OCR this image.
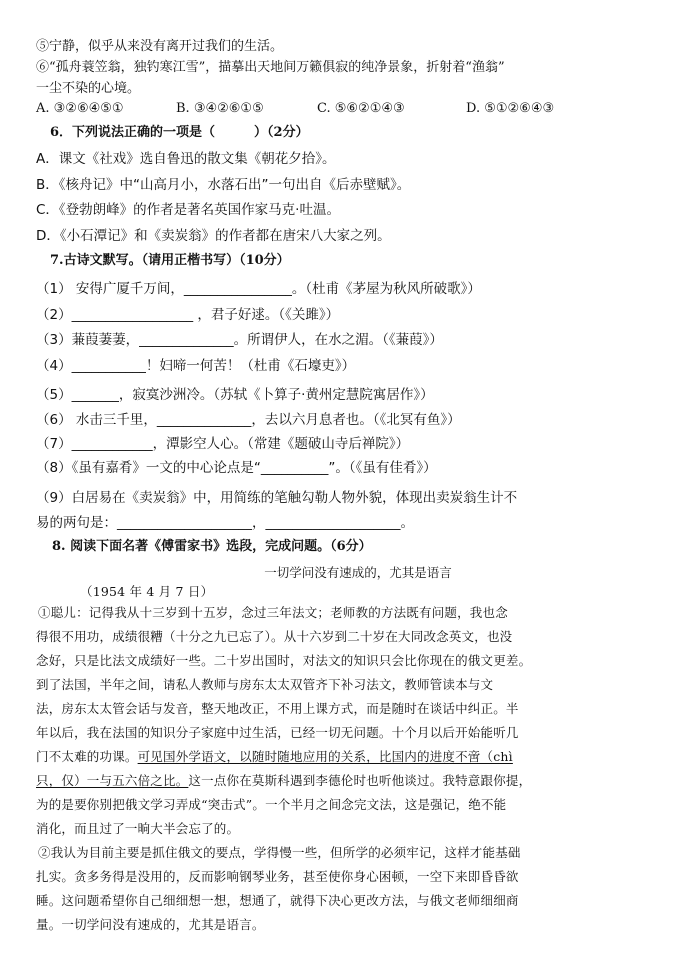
⑤宁静，似乎从来没有离开过我们的生活。
⑥“孤舟蓑笠翁，独钓寒江雪”，描摹出天地间万籁俱寂的纯净景象，折射着“渔翁”
一尘不染的心境。
A. ③②⑥④⑤①	B. ③④②⑥①⑤	C. ⑤⑥②①④③	D. ⑤①②⑥④③
6．下列说法正确的一项是（　　　）（2分）
A．课文《社戏》选自鲁迅的散文集《朝花夕拾》。
B．《核舟记》中“山高月小，水落石出”一句出自《后赤壁赋》。
C．《登勃朗峰》的作者是著名英国作家马克·吐温。
D．《小石潭记》和《卖炭翁》的作者都在唐宋八大家之列。
7.古诗文默写。（请用正楷书写）（10分）
（1） 安得广厦千万间，________________。（杜甫《茅屋为秋风所破歌》）
（2）__________________ ，君子好逑。（《关雎》）
（3）蒹葭萋萋，______________。所谓伊人，在水之湄。（《蒹葭》）
（4）___________！妇啼一何苦！（杜甫《石壕吏》）
（5）_______，寂寞沙洲冷。（苏轼《卜算子·黄州定慧院寓居作》）
（6） 水击三千里，______________，去以六月息者也。（《北冥有鱼》）
（7）____________，潭影空人心。（常建《题破山寺后禅院》）
（8）《虽有嘉肴》一文的中心论点是“__________”。（《虽有佳肴》）
（9）白居易在《卖炭翁》中，用简练的笔触勾勒人物外貌，体现出卖炭翁生计不
易的两句是：____________________，____________________。
8. 阅读下面名著《傅雷家书》选段，完成问题。（6分）
一切学问没有速成的，尤其是语言
（1954 年 4 月 7 日）
①聪儿：记得我从十三岁到十五岁，念过三年法文；老师教的方法既有问题，我也念
得很不用功，成绩很糟（十分之九已忘了）。从十六岁到二十岁在大同改念英文，也没
念好，只是比法文成绩好一些。二十岁出国时，对法文的知识只会比你现在的俄文更差。
到了法国，半年之间，请私人教师与房东太太双管齐下补习法文，教师管读本与文
法，房东太太管会话与发音，整天地改正，不用上课方式，而是随时在谈话中纠正。半
年以后，我在法国的知识分子家庭中过生活，已经一切无问题。十个月以后开始能听几
门不太难的功课。可见国外学语文，以随时随地应用的关系，比国内的进度不啻（chì
只，仅）一与五六倍之比。这一点你在莫斯科遇到李德伦时也听他谈过。我特意跟你提，
为的是要你别把俄文学习弄成“突击式”。一个半月之间念完文法，这是强记，绝不能
消化，而且过了一晌大半会忘了的。
②我认为目前主要是抓住俄文的要点，学得慢一些，但所学的必须牢记，这样才能基础
扎实。贪多务得是没用的，反而影响钢琴业务，甚至使你身心困顿，一空下来即昏昏欲
睡。这问题希望你自己细细想一想，想通了，就得下决心更改方法，与俄文老师细细商
量。一切学问没有速成的，尤其是语言。
